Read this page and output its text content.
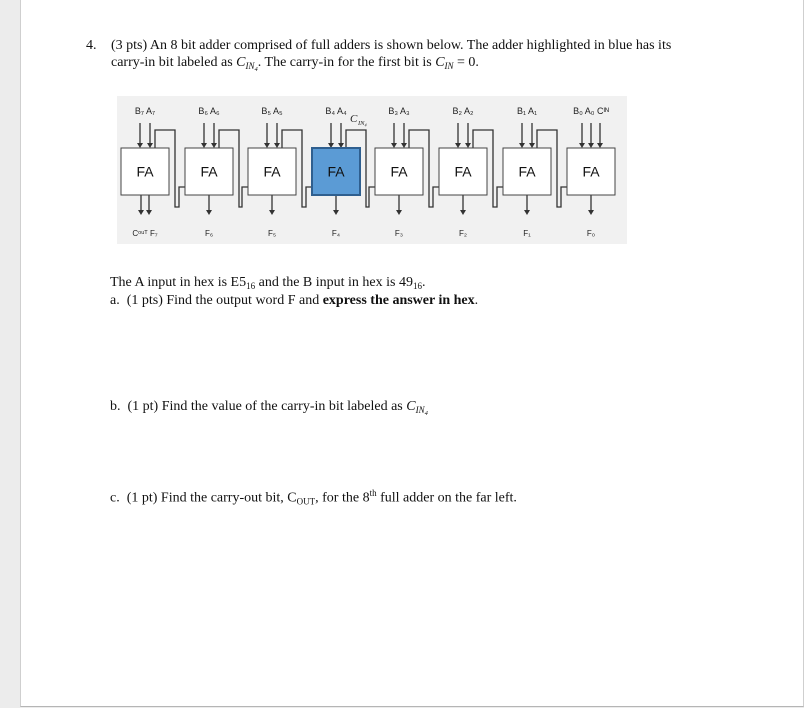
4. (3 pts) An 8 bit adder comprised of full adders is shown below. The adder highlighted in blue has its
carry-in bit labeled as $C_{IN_4}$. The carry-in for the first bit is $C_{IN} = 0$.
FA	FA	FA	FA	FA	FA	FA	FA
B₇ A₇
Cᵒᵘᵀ F₇
B₆ A₆
F₆
B₅ A₅
F₅
B₄ A₄
F₄
B₃ A₃
F₃
B₂ A₂
F₂
B₁ A₁
F₁
B₀ A₀ Cᴵᴺ
F₀
C IN₄
The A input in hex is $E5_{16}$ and the B input in hex is $49_{16}$.
a. (1 pts) Find the output word F and express the answer in hex.
b. (1 pt) Find the value of the carry-in bit labeled as $C_{IN_4}$
c. (1 pt) Find the carry-out bit, $C_{OUT}$, for the 8th full adder on the far left.
